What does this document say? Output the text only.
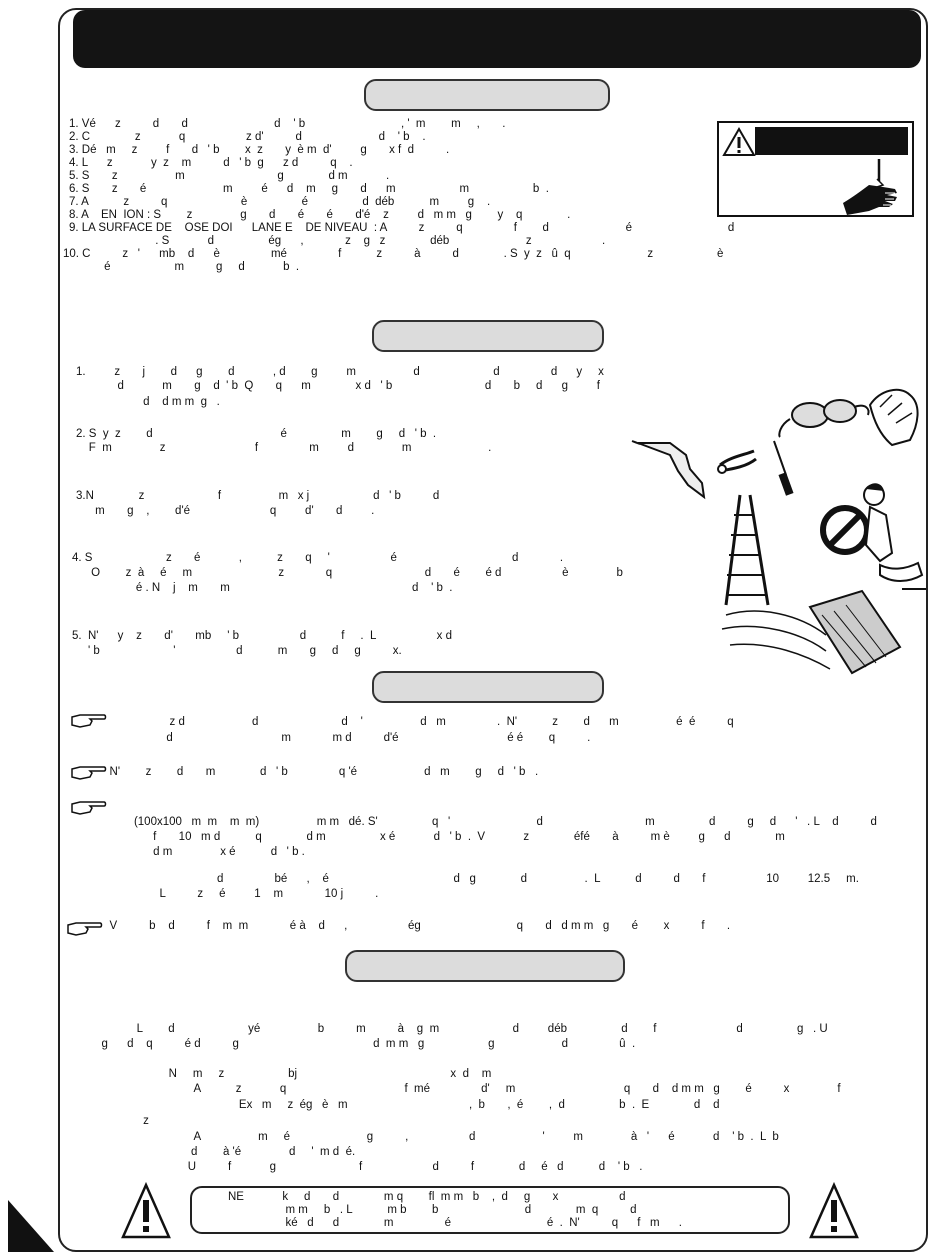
1. Vé      z          d       d                           d    ' b                              , '  m        m     ,       .
2. C              z            q                   z d'          d                        d    ' b    .
3. Dé   m     z         f       d   ' b        x  z       y  è m  d'         g       x f  d          .
4. L      z            y  z    m          d   ' b  g      z d          q    .
5. S       z                  m                             g              d m            .
6. S       z       é                        m         é      d    m     g       d      m                    m                    b  .
7. A           z          q                       è                 é                 d  déb           m         g    .
8. A    EN  ION : S        z               g       d       é       é       d'é    z         d   m m   g        y    q              .
9. LA SURFACE DE    OSE DOI      LANE E    DE NIVEAU  : A          z          q                f        d                        é                              d
. S            d                 ég      ,             z    g   z              déb                        z                      .
10. C          z   '      mb    d      è                mé                f           z          à          d              . S  y  z   û  q                        z                    è
é                    m          g     d            b  .
1.         z       j        d      g        d            , d        g         m                  d                       d                d      y     x
d            m       g    d  ' b  Q       q      m              x d   ' b                             d       b     d      g         f
d    d m m  g   .
2. S  y  z        d                                        é                 m        g     d   ' b  .
F  m               z                            f                m         d               m                        .
3.N              z                       f                  m   x j                    d   ' b          d
m       g    ,        d'é                         q         d'       d         .
4. S                       z       é            ,           z       q     '                   é                                    d             .
O        z  à     é     m                           z             q                             d       é        é d                   è               b
é . N    j    m       m                                                         d    ' b  .
5.  N'      y    z       d'       mb     ' b                   d           f     .  L                   x d
' b                       '                   d           m       g     d     g          x.
z d                     d                          d    '                  d   m                .  N'           z        d      m                  é  é          q
d                                  m             m d          d'é                                  é é        q          .
N'        z        d       m              d   ' b                q 'é                     d   m        g     d   ' b   .
(100x100   m  m    m  m)                  m m   dé. S'                 q   '                           d                                m                 d          g     d      '   . L    d          d
f       10   m d           q              d m                 x é            d   ' b  .  V            z              éfé       à          m è         g      d              m
d m               x é           d   ' b .
d                bé      ,    é                                       d   g              d                  .  L           d          d       f                   10         12.5     m.
L          z     é         1    m             10 j          .
V          b    d          f    m  m             é à    d      ,                   ég                              q       d   d m m   g       é        x          f       .
L        d                       yé                  b          m          à    g  m                       d         déb                 d        f                         d                 g   . U
g      d    q          é d          g                                          d  m m   g                    g                     d                û  .
N     m     z                    bj                                                x  d    m
A           z            q                                     f  mé                d'     m                                  q       d    d m m   g        é          x               f
Ex   m     z  ég   è   m                                      ,  b       ,  é        ,  d                 b  .  E              d    d
z
A                  m     é                        g          ,                   d                     '         m               à   '      é            d    ' b  .  L  b
d        à 'é               d     '  m d  é.
U          f            g                          f                      d          f              d     é   d           d    ' b   .
NE            k     d       d              m q        fl  m m   b    ,  d     g       x                   d
m m     b   . L           m b        b                           d              m  q          d
ké   d      d              m                é                              é  .  N'          q      f   m      .
